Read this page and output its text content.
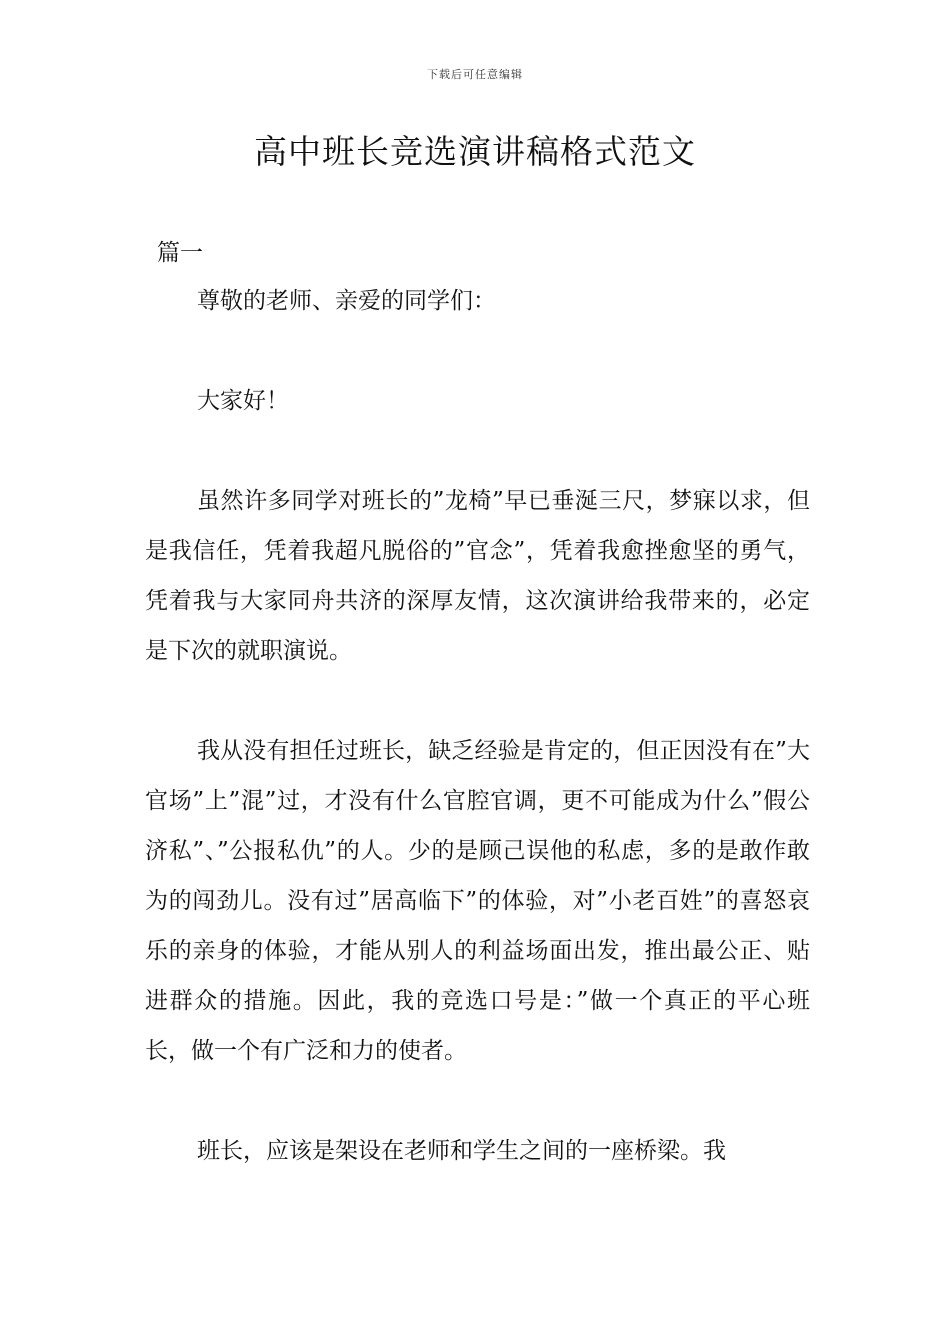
下载后可任意编辑
高中班长竞选演讲稿格式范文
篇一

尊敬的老师、亲爱的同学们：

大家好！

虽然许多同学对班长的”龙椅”早已垂涎三尺，梦寐以求，但是我信任，凭着我超凡脱俗的”官念”，凭着我愈挫愈坚的勇气，凭着我与大家同舟共济的深厚友情，这次演讲给我带来的，必定是下次的就职演说。

我从没有担任过班长，缺乏经验是肯定的，但正因没有在”大官场”上”混”过，才没有什么官腔官调，更不可能成为什么”假公济私”、”公报私仇”的人。少的是顾己误他的私虑，多的是敢作敢为的闯劲儿。没有过”居高临下”的体验，对”小老百姓”的喜怒哀乐的亲身的体验，才能从别人的利益场面出发，推出最公正、贴进群众的措施。因此，我的竞选口号是：”做一个真正的平心班长，做一个有广泛和力的使者。

班长，应该是架设在老师和学生之间的一座桥梁。我
